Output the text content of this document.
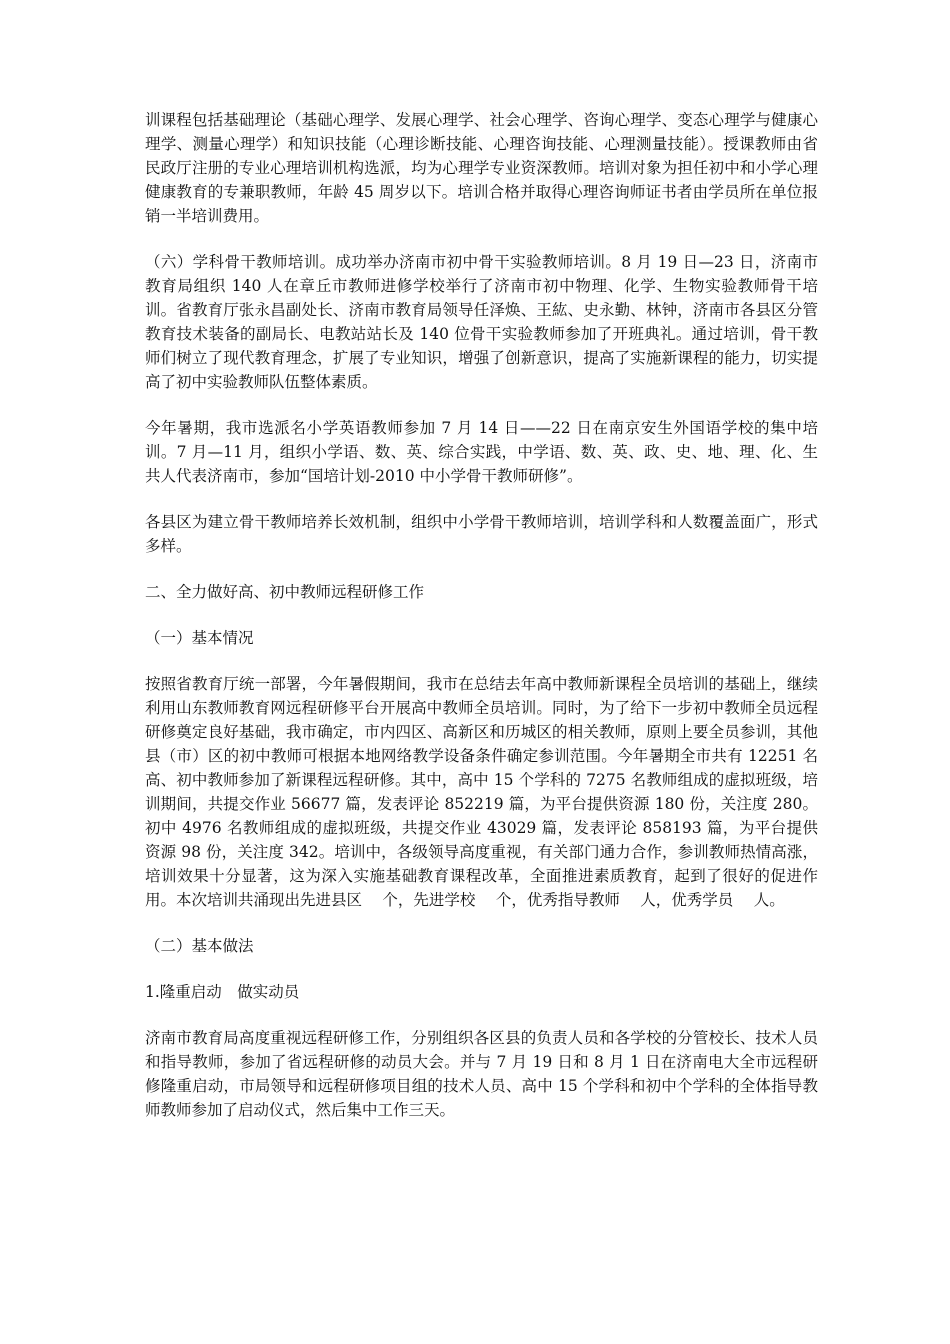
训课程包括基础理论（基础心理学、发展心理学、社会心理学、咨询心理学、变态心理学与健康心理学、测量心理学）和知识技能（心理诊断技能、心理咨询技能、心理测量技能）。授课教师由省民政厅注册的专业心理培训机构选派，均为心理学专业资深教师。培训对象为担任初中和小学心理健康教育的专兼职教师，年龄 45 周岁以下。培训合格并取得心理咨询师证书者由学员所在单位报销一半培训费用。

（六）学科骨干教师培训。成功举办济南市初中骨干实验教师培训。8 月 19 日—23 日，济南市教育局组织 140 人在章丘市教师进修学校举行了济南市初中物理、化学、生物实验教师骨干培训。省教育厅张永昌副处长、济南市教育局领导任泽焕、王紘、史永勤、林钟，济南市各县区分管教育技术装备的副局长、电教站站长及 140 位骨干实验教师参加了开班典礼。通过培训，骨干教师们树立了现代教育理念，扩展了专业知识，增强了创新意识，提高了实施新课程的能力，切实提高了初中实验教师队伍整体素质。

今年暑期，我市选派名小学英语教师参加 7 月 14 日——22 日在南京安生外国语学校的集中培训。7 月—11 月，组织小学语、数、英、综合实践，中学语、数、英、政、史、地、理、化、生共人代表济南市，参加“国培计划-2010 中小学骨干教师研修”。

各县区为建立骨干教师培养长效机制，组织中小学骨干教师培训，培训学科和人数覆盖面广，形式多样。

二、全力做好高、初中教师远程研修工作

（一）基本情况

按照省教育厅统一部署，今年暑假期间，我市在总结去年高中教师新课程全员培训的基础上，继续利用山东教师教育网远程研修平台开展高中教师全员培训。同时，为了给下一步初中教师全员远程研修奠定良好基础，我市确定，市内四区、高新区和历城区的相关教师，原则上要全员参训，其他县（市）区的初中教师可根据本地网络教学设备条件确定参训范围。今年暑期全市共有 12251 名高、初中教师参加了新课程远程研修。其中，高中 15 个学科的 7275 名教师组成的虚拟班级，培训期间，共提交作业 56677 篇，发表评论 852219 篇，为平台提供资源 180 份，关注度 280。初中 4976 名教师组成的虚拟班级，共提交作业 43029 篇，发表评论 858193 篇，为平台提供资源 98 份，关注度 342。培训中，各级领导高度重视，有关部门通力合作，参训教师热情高涨，培训效果十分显著，这为深入实施基础教育课程改革，全面推进素质教育，起到了很好的促进作用。本次培训共涌现出先进县区　 个，先进学校　 个，优秀指导教师　 人，优秀学员　 人。

（二）基本做法

1.隆重启动　做实动员

济南市教育局高度重视远程研修工作，分别组织各区县的负责人员和各学校的分管校长、技术人员和指导教师，参加了省远程研修的动员大会。并与 7 月 19 日和 8 月 1 日在济南电大全市远程研修隆重启动，市局领导和远程研修项目组的技术人员、高中 15 个学科和初中个学科的全体指导教师教师参加了启动仪式，然后集中工作三天。
